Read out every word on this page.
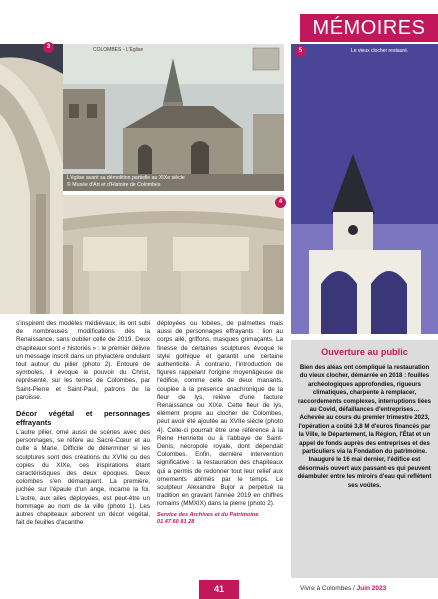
MÉMOIRES
3	COLOMBES - L'Église
L'église avant sa démolition partielle au XIXe siècle
© Musée d'Art et d'Histoire de Colombes
4
5	Le vieux clocher restauré.

s'inspirent des modèles médiévaux, ils ont subi de nombreuses modifications dès la Renaissance, sans oublier celle de 2019. Deux chapiteaux sont « historiés » : le premier délivre un message inscrit dans un phylactère ondulant tout autour du pilier (photo 2). Entouré de symboles, il évoque le pouvoir du Christ, représenté, sur les terres de Colombes, par Saint-Pierre et Saint-Paul, patrons de la paroisse.

Décor végétal et personnages effrayants

L'autre pilier, orné aussi de scènes avec des personnages, se réfère au Sacré-Cœur et au culte à Marie. Difficile de déterminer si les sculptures sont des créations du XVIIe ou des copies du XIXe, ces inspirations étant caractéristiques des deux époques. Deux colombes s'en démarquent. La première, juchée sur l'épaule d'un ange, incarne la foi. L'autre, aux ailes déployées, est peut-être un hommage au nom de la ville (photo 1). Les autres chapiteaux arborent un décor végétal, fait de feuilles d'acanthe

déployées ou lobées, de palmettes mais aussi de personnages effrayants : lion au corps ailé, griffons, masques grimaçants. La finesse de certaines sculptures évoque le style gothique et garantit une certaine authenticité. À contrario, l'introduction de figures rappelant l'origine moyenâgeuse de l'édifice, comme celle de deux manants, couplée à la présence anachronique de la fleur de lys, relève d'une facture Renaissance ou XIXe. Cette fleur de lys, élément propre au clocher de Colombes, peut avoir été ajoutée au XVIIe siècle (photo 4). Celle-ci pourrait être une référence à la Reine Henriette ou à l'abbaye de Saint-Denis, nécropole royale, dont dépendait Colombes. Enfin, dernière intervention significative : la restauration des chapiteaux qui a permis de redonner tout leur relief aux ornements abîmés par le temps. Le sculpteur Alexandre Bujor a perpétué la tradition en gravant l'année 2019 en chiffres romains (MMXIX) dans la pierre (photo 2).

Service des Archives et du Patrimoine
01 47 60 81 28
Ouverture au public
Bien des aléas ont compliqué la restauration du vieux clocher, démarrée en 2018 : fouilles archéologiques approfondies, rigueurs climatiques, charpente à remplacer, raccordements complexes, interruptions liées au Covid, défaillances d'entreprises… Achevée au cours du premier trimestre 2023, l'opération a coûté 3,8 M d'euros financés par la Ville, le Département, la Région, l'État et un appel de fonds auprès des entreprises et des particuliers via la Fondation du patrimoine. Inauguré le 16 mai dernier, l'édifice est désormais ouvert aux passant·es qui peuvent déambuler entre les miroirs d'eau qui reflètent ses voûtes.
41	Vivre à Colombes / Juin 2023
